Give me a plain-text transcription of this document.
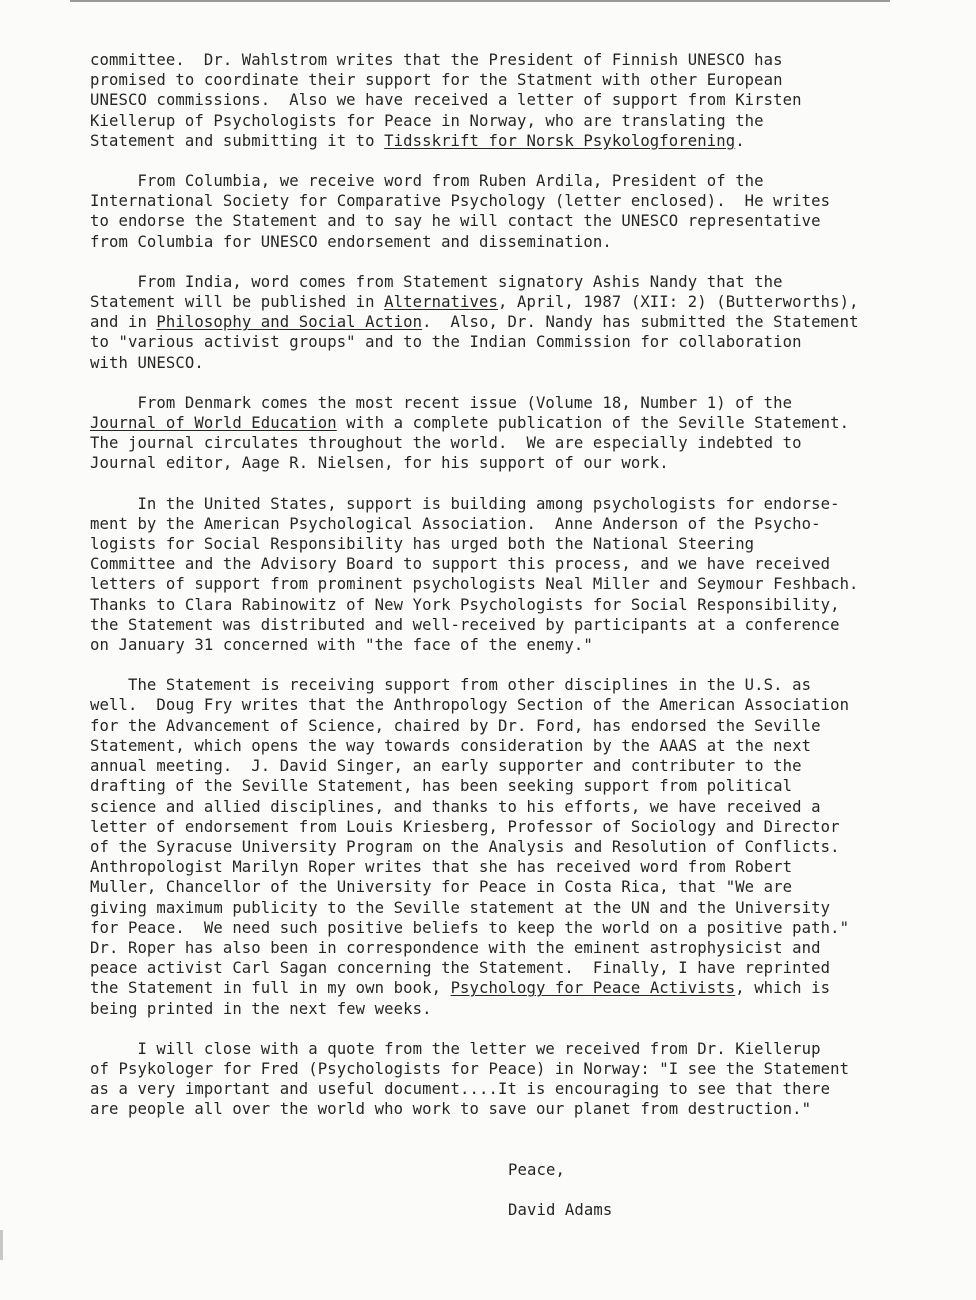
committee.  Dr. Wahlstrom writes that the President of Finnish UNESCO has
promised to coordinate their support for the Statment with other European
UNESCO commissions.  Also we have received a letter of support from Kirsten
Kiellerup of Psychologists for Peace in Norway, who are translating the
Statement and submitting it to Tidsskrift for Norsk Psykologforening.
From Columbia, we receive word from Ruben Ardila, President of the
International Society for Comparative Psychology (letter enclosed).  He writes
to endorse the Statement and to say he will contact the UNESCO representative
from Columbia for UNESCO endorsement and dissemination.
From India, word comes from Statement signatory Ashis Nandy that the
Statement will be published in Alternatives, April, 1987 (XII: 2) (Butterworths),
and in Philosophy and Social Action.  Also, Dr. Nandy has submitted the Statement
to "various activist groups" and to the Indian Commission for collaboration
with UNESCO.
From Denmark comes the most recent issue (Volume 18, Number 1) of the
Journal of World Education with a complete publication of the Seville Statement.
The journal circulates throughout the world.  We are especially indebted to
Journal editor, Aage R. Nielsen, for his support of our work.
In the United States, support is building among psychologists for endorse-
ment by the American Psychological Association.  Anne Anderson of the Psycho-
logists for Social Responsibility has urged both the National Steering
Committee and the Advisory Board to support this process, and we have received
letters of support from prominent psychologists Neal Miller and Seymour Feshbach.
Thanks to Clara Rabinowitz of New York Psychologists for Social Responsibility,
the Statement was distributed and well-received by participants at a conference
on January 31 concerned with "the face of the enemy."
The Statement is receiving support from other disciplines in the U.S. as
well.  Doug Fry writes that the Anthropology Section of the American Association
for the Advancement of Science, chaired by Dr. Ford, has endorsed the Seville
Statement, which opens the way towards consideration by the AAAS at the next
annual meeting.  J. David Singer, an early supporter and contributer to the
drafting of the Seville Statement, has been seeking support from political
science and allied disciplines, and thanks to his efforts, we have received a
letter of endorsement from Louis Kriesberg, Professor of Sociology and Director
of the Syracuse University Program on the Analysis and Resolution of Conflicts.
Anthropologist Marilyn Roper writes that she has received word from Robert
Muller, Chancellor of the University for Peace in Costa Rica, that "We are
giving maximum publicity to the Seville statement at the UN and the University
for Peace.  We need such positive beliefs to keep the world on a positive path."
Dr. Roper has also been in correspondence with the eminent astrophysicist and
peace activist Carl Sagan concerning the Statement.  Finally, I have reprinted
the Statement in full in my own book, Psychology for Peace Activists, which is
being printed in the next few weeks.
I will close with a quote from the letter we received from Dr. Kiellerup
of Psykologer for Fred (Psychologists for Peace) in Norway: "I see the Statement
as a very important and useful document....It is encouraging to see that there
are people all over the world who work to save our planet from destruction."
Peace,
David Adams
